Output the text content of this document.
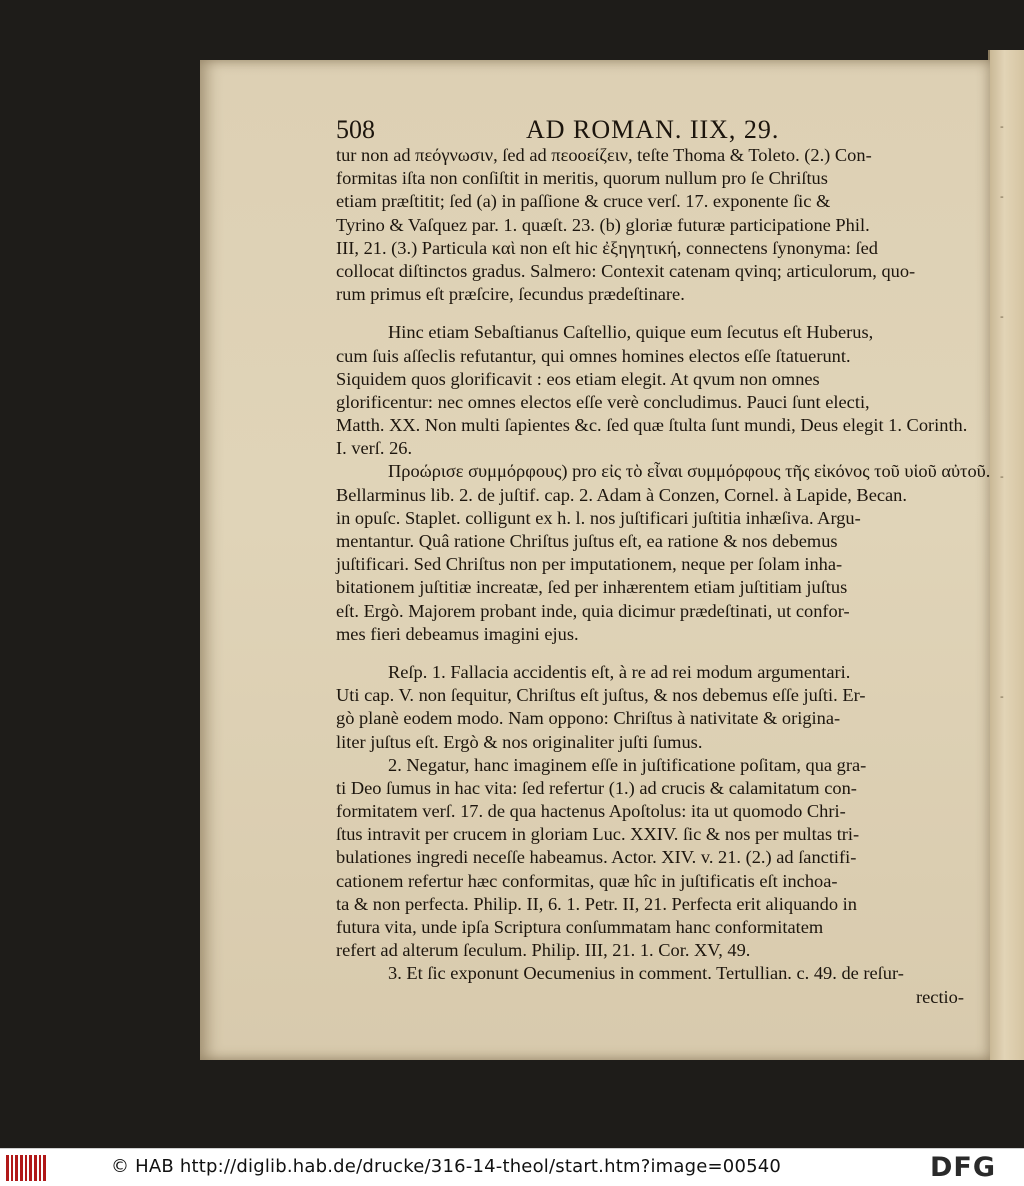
-
-
-
-
-
508	AD ROMAN. IIX, 29.
tur non ad πεόγνωσιν, ſed ad πεοοείζειν, teſte Thoma & Toleto. (2.) Con-
formitas iſta non conſiſtit in meritis, quorum nullum pro ſe Chriſtus
etiam præſtitit; ſed (a) in paſſione & cruce verſ. 17. exponente ſic &
Tyrino & Vaſquez par. 1. quæſt. 23. (b) gloriæ futuræ participatione Phil.
III, 21. (3.) Particula καὶ non eſt hic ἐξηγητική, connectens ſynonyma: ſed
collocat diſtinctos gradus. Salmero: Contexit catenam qvinq; articulorum, quo-
rum primus eſt præſcire, ſecundus prædeſtinare.
Hinc etiam Sebaſtianus Caſtellio, quique eum ſecutus eſt Huberus,
cum ſuis aſſeclis refutantur, qui omnes homines electos eſſe ſtatuerunt.
Siquidem quos glorificavit : eos etiam elegit. At qvum non omnes
glorificentur: nec omnes electos eſſe verè concludimus. Pauci ſunt electi,
Matth. XX. Non multi ſapientes &c. ſed quæ ſtulta ſunt mundi, Deus elegit 1. Corinth.
I. verſ. 26.
Πρoώρισε συμμόρφους) pro εἰς τὸ εἶναι συμμόρφους τῆς εἰκόνος τοῦ υἱοῦ αὐτοῦ.
Bellarminus lib. 2. de juſtif. cap. 2. Adam à Conzen, Cornel. à Lapide, Becan.
in opuſc. Staplet. colligunt ex h. l. nos juſtificari juſtitia inhæſiva. Argu-
mentantur. Quâ ratione Chriſtus juſtus eſt, ea ratione & nos debemus
juſtificari. Sed Chriſtus non per imputationem, neque per ſolam inha-
bitationem juſtitiæ increatæ, ſed per inhærentem etiam juſtitiam juſtus
eſt. Ergò. Majorem probant inde, quia dicimur prædeſtinati, ut confor-
mes fieri debeamus imagini ejus.
Reſp. 1. Fallacia accidentis eſt, à re ad rei modum argumentari.
Uti cap. V. non ſequitur, Chriſtus eſt juſtus, & nos debemus eſſe juſti. Er-
gò planè eodem modo. Nam oppono: Chriſtus à nativitate & origina-
liter juſtus eſt. Ergò & nos originaliter juſti ſumus.
2. Negatur, hanc imaginem eſſe in juſtificatione poſitam, qua gra-
ti Deo ſumus in hac vita: ſed refertur (1.) ad crucis & calamitatum con-
formitatem verſ. 17. de qua hactenus Apoſtolus: ita ut quomodo Chri-
ſtus intravit per crucem in gloriam Luc. XXIV. ſic & nos per multas tri-
bulationes ingredi neceſſe habeamus. Actor. XIV. v. 21. (2.) ad ſanctifi-
cationem refertur hæc conformitas, quæ hîc in juſtificatis eſt inchoa-
ta & non perfecta. Philip. II, 6. 1. Petr. II, 21. Perfecta erit aliquando in
futura vita, unde ipſa Scriptura conſummatam hanc conformitatem
refert ad alterum ſeculum. Philip. III, 21. 1. Cor. XV, 49.
3. Et ſic exponunt Oecumenius in comment. Tertullian. c. 49. de reſur-
rectio-
© HAB http://diglib.hab.de/drucke/316-14-theol/start.htm?image=00540	DFG
